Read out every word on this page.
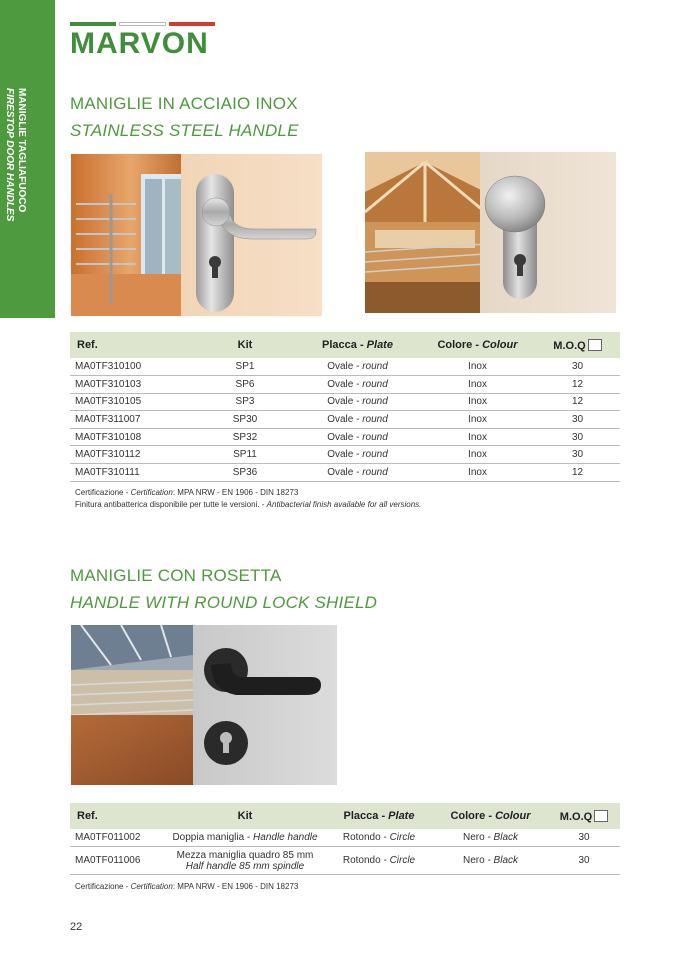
MANIGLIE TAGLIAFUOCO
FIRESTOP DOOR HANDLES
MARVON
MANIGLIE IN ACCIAIO INOX
STAINLESS STEEL HANDLE
Ref.	Kit	Placca - Plate	Colore - Colour	M.O.Q
MA0TF310100	SP1	Ovale - round	Inox	30
MA0TF310103	SP6	Ovale - round	Inox	12
MA0TF310105	SP3	Ovale - round	Inox	12
MA0TF311007	SP30	Ovale - round	Inox	30
MA0TF310108	SP32	Ovale - round	Inox	30
MA0TF310112	SP11	Ovale - round	Inox	30
MA0TF310111	SP36	Ovale - round	Inox	12
Certificazione - Certification: MPA NRW - EN 1906 - DIN 18273
Finitura antibatterica disponibile per tutte le versioni. - Antibacterial finish available for all versions.
MANIGLIE CON ROSETTA
HANDLE WITH ROUND LOCK SHIELD
Ref.	Kit	Placca - Plate	Colore - Colour	M.O.Q
MA0TF011002	Doppia maniglia - Handle handle	Rotondo - Circle	Nero - Black	30
MA0TF011006	Mezza maniglia quadro 85 mm
Half handle 85 mm spindle	Rotondo - Circle	Nero - Black	30
Certificazione - Certification: MPA NRW - EN 1906 - DIN 18273
22
